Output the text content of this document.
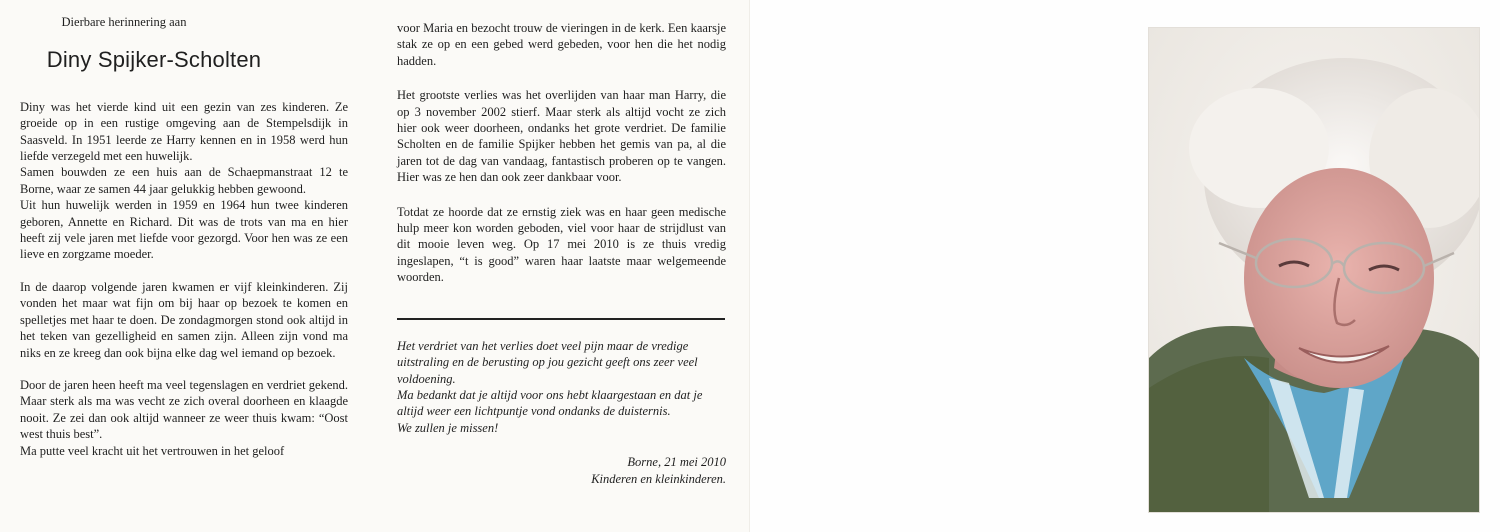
Dierbare herinnering aan

Diny Spijker-Scholten

Diny was het vierde kind uit een gezin van zes kinderen. Ze groeide op in een rustige omgeving aan de Stempelsdijk in Saasveld. In 1951 leerde ze Harry kennen en in 1958 werd hun liefde verzegeld met een huwelijk.

Samen bouwden ze een huis aan de Schaepmanstraat 12 te Borne, waar ze samen 44 jaar gelukkig hebben gewoond.

Uit hun huwelijk werden in 1959 en 1964 hun twee kinderen geboren, Annette en Richard. Dit was de trots van ma en hier heeft zij vele jaren met liefde voor gezorgd. Voor hen was ze een lieve en zorgzame moeder.

In de daarop volgende jaren kwamen er vijf kleinkinderen. Zij vonden het maar wat fijn om bij haar op bezoek te komen en spelletjes met haar te doen. De zondagmorgen stond ook altijd in het teken van gezelligheid en samen zijn. Alleen zijn vond ma niks en ze kreeg dan ook bijna elke dag wel iemand op bezoek.

Door de jaren heen heeft ma veel tegenslagen en verdriet gekend. Maar sterk als ma was vecht ze zich overal doorheen en klaagde nooit. Ze zei dan ook altijd wanneer ze weer thuis kwam: “Oost west thuis best”.

Ma putte veel kracht uit het vertrouwen in het geloof

voor Maria en bezocht trouw de vieringen in de kerk. Een kaarsje stak ze op en een gebed werd gebeden, voor hen die het nodig hadden.

Het grootste verlies was het overlijden van haar man Harry, die op 3 november 2002 stierf. Maar sterk als altijd vocht ze zich hier ook weer doorheen, ondanks het grote verdriet. De familie Scholten en de familie Spijker hebben het gemis van pa, al die jaren tot de dag van vandaag, fantastisch proberen op te vangen. Hier was ze hen dan ook zeer dankbaar voor.

Totdat ze hoorde dat ze ernstig ziek was en haar geen medische hulp meer kon worden geboden, viel voor haar de strijdlust van dit mooie leven weg. Op 17 mei 2010 is ze thuis vredig ingeslapen, “t is good” waren haar laatste maar welgemeende woorden.

Het verdriet van het verlies doet veel pijn maar de vredige uitstraling en de berusting op jou gezicht geeft ons zeer veel voldoening.

Ma bedankt dat je altijd voor ons hebt klaargestaan en dat je altijd weer een lichtpuntje vond ondanks de duisternis.

We zullen je missen!

Borne, 21 mei 2010

Kinderen en kleinkinderen.
